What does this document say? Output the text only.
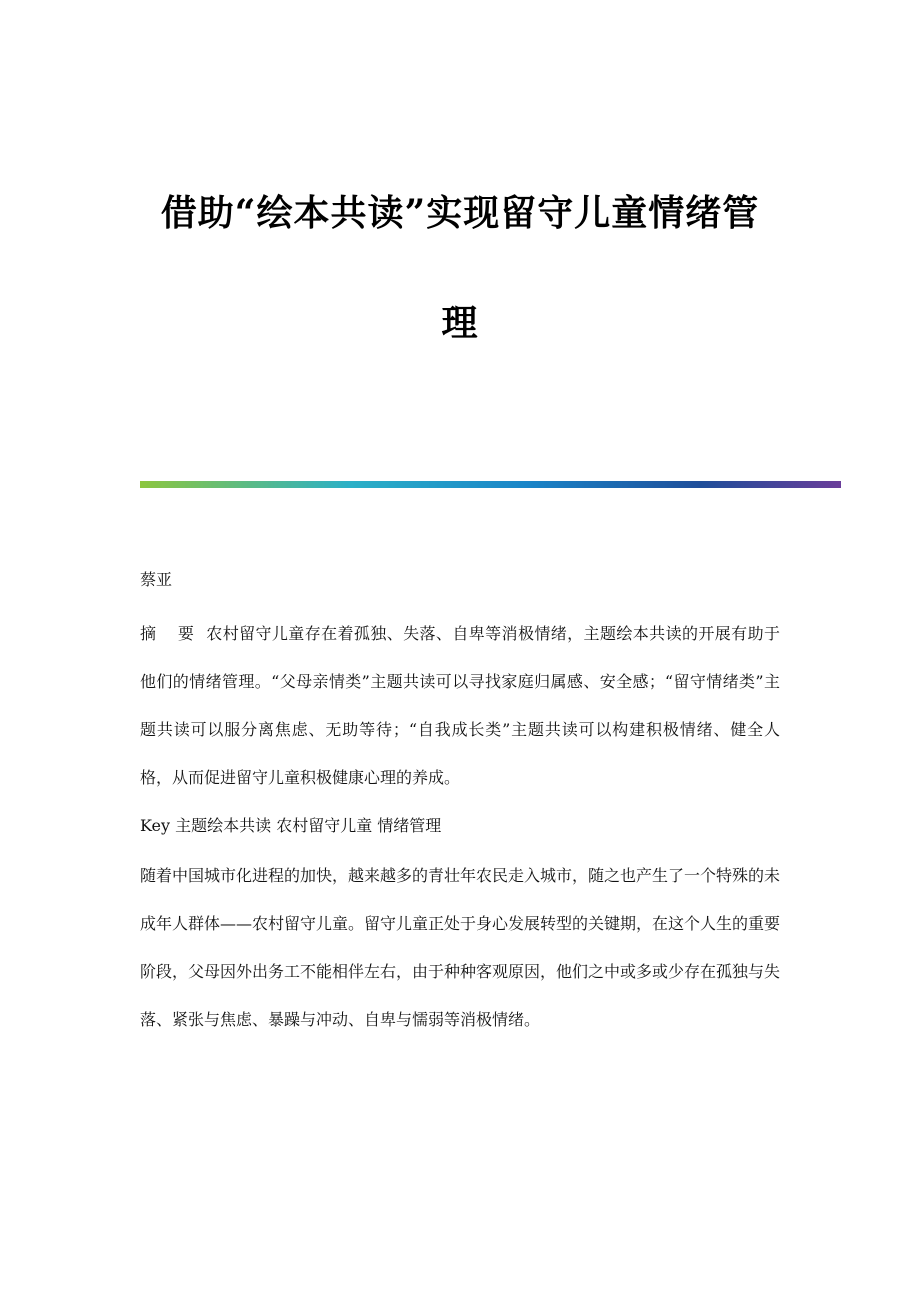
借助“绘本共读”实现留守儿童情绪管
理
蔡亚

摘 要 农村留守儿童存在着孤独、失落、自卑等消极情绪，主题绘本共读的开展有助于他们的情绪管理。“父母亲情类”主题共读可以寻找家庭归属感、安全感；“留守情绪类”主题共读可以服分离焦虑、无助等待；“自我成长类”主题共读可以构建积极情绪、健全人格，从而促进留守儿童积极健康心理的养成。

Key 主题绘本共读 农村留守儿童 情绪管理

随着中国城市化进程的加快，越来越多的青壮年农民走入城市，随之也产生了一个特殊的未成年人群体——农村留守儿童。留守儿童正处于身心发展转型的关键期，在这个人生的重要阶段，父母因外出务工不能相伴左右，由于种种客观原因，他们之中或多或少存在孤独与失落、紧张与焦虑、暴躁与冲动、自卑与懦弱等消极情绪。
